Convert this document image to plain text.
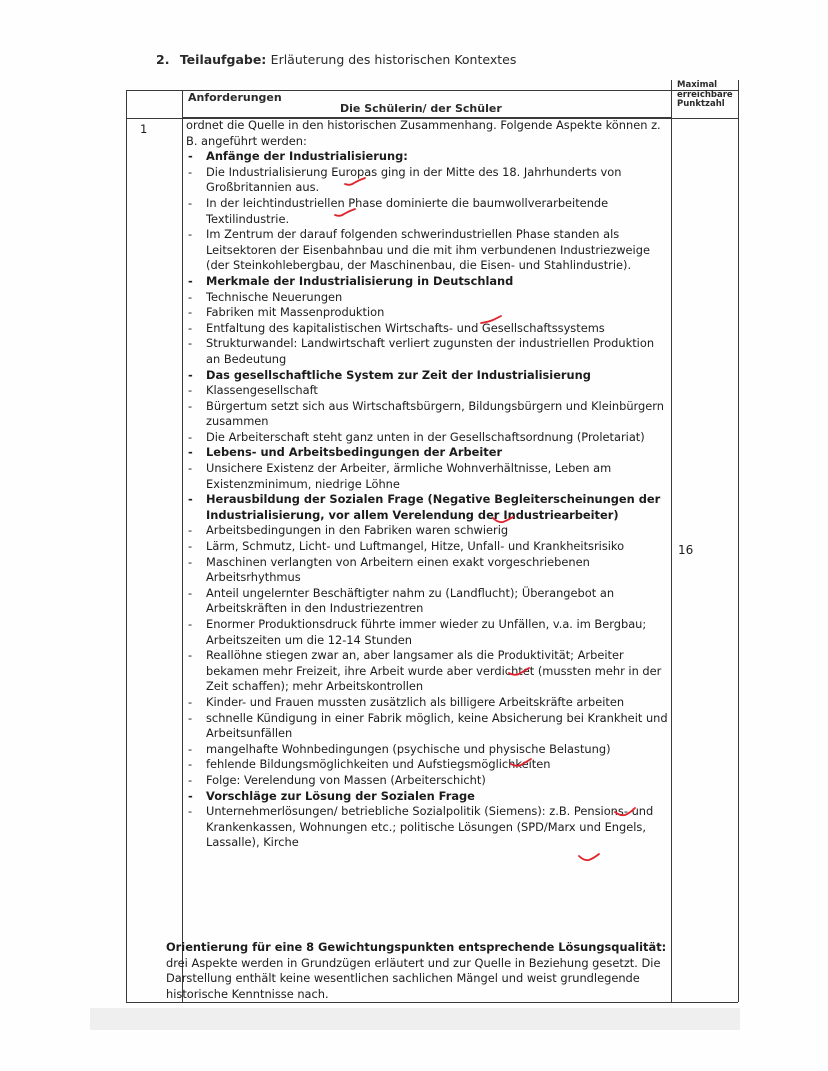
2. Teilaufgabe: Erläuterung des historischen Kontextes
Anforderungen
Die Schülerin/ der Schüler
Maximal
erreichbare
Punktzahl
1
16

ordnet die Quelle in den historischen Zusammenhang. Folgende Aspekte können z. B. angeführt werden:

- Anfänge der Industrialisierung:

- Die Industrialisierung Europas ging in der Mitte des 18. Jahrhunderts von Großbritannien aus.

- In der leichtindustriellen Phase dominierte die baumwollverarbeitende Textilindustrie.

- Im Zentrum der darauf folgenden schwerindustriellen Phase standen als Leitsektoren der Eisenbahnbau und die mit ihm verbundenen Industriezweige (der Steinkohlebergbau, der Maschinenbau, die Eisen- und Stahlindustrie).

- Merkmale der Industrialisierung in Deutschland

- Technische Neuerungen

- Fabriken mit Massenproduktion

- Entfaltung des kapitalistischen Wirtschafts- und Gesellschaftssystems

- Strukturwandel: Landwirtschaft verliert zugunsten der industriellen Produktion an Bedeutung

- Das gesellschaftliche System zur Zeit der Industrialisierung

- Klassengesellschaft

- Bürgertum setzt sich aus Wirtschaftsbürgern, Bildungsbürgern und Kleinbürgern zusammen

- Die Arbeiterschaft steht ganz unten in der Gesellschaftsordnung (Proletariat)

- Lebens- und Arbeitsbedingungen der Arbeiter

- Unsichere Existenz der Arbeiter, ärmliche Wohnverhältnisse, Leben am Existenzminimum, niedrige Löhne

- Herausbildung der Sozialen Frage (Negative Begleiterscheinungen der Industrialisierung, vor allem Verelendung der Industriearbeiter)

- Arbeitsbedingungen in den Fabriken waren schwierig

- Lärm, Schmutz, Licht- und Luftmangel, Hitze, Unfall- und Krankheitsrisiko

- Maschinen verlangten von Arbeitern einen exakt vorgeschriebenen Arbeitsrhythmus

- Anteil ungelernter Beschäftigter nahm zu (Landflucht); Überangebot an Arbeitskräften in den Industriezentren

- Enormer Produktionsdruck führte immer wieder zu Unfällen, v.a. im Bergbau; Arbeitszeiten um die 12-14 Stunden

- Reallöhne stiegen zwar an, aber langsamer als die Produktivität; Arbeiter bekamen mehr Freizeit, ihre Arbeit wurde aber verdichtet (mussten mehr in der Zeit schaffen); mehr Arbeitskontrollen

- Kinder- und Frauen mussten zusätzlich als billigere Arbeitskräfte arbeiten

- schnelle Kündigung in einer Fabrik möglich, keine Absicherung bei Krankheit und Arbeitsunfällen

- mangelhafte Wohnbedingungen (psychische und physische Belastung)

- fehlende Bildungsmöglichkeiten und Aufstiegsmöglichkeiten

- Folge: Verelendung von Massen (Arbeiterschicht)

- Vorschläge zur Lösung der Sozialen Frage

- Unternehmerlösungen/ betriebliche Sozialpolitik (Siemens): z.B. Pensions- und Krankenkassen, Wohnungen etc.; politische Lösungen (SPD/Marx und Engels, Lassalle), Kirche

Orientierung für eine 8 Gewichtungspunkten entsprechende Lösungsqualität: drei Aspekte werden in Grundzügen erläutert und zur Quelle in Beziehung gesetzt. Die Darstellung enthält keine wesentlichen sachlichen Mängel und weist grundlegende historische Kenntnisse nach.
